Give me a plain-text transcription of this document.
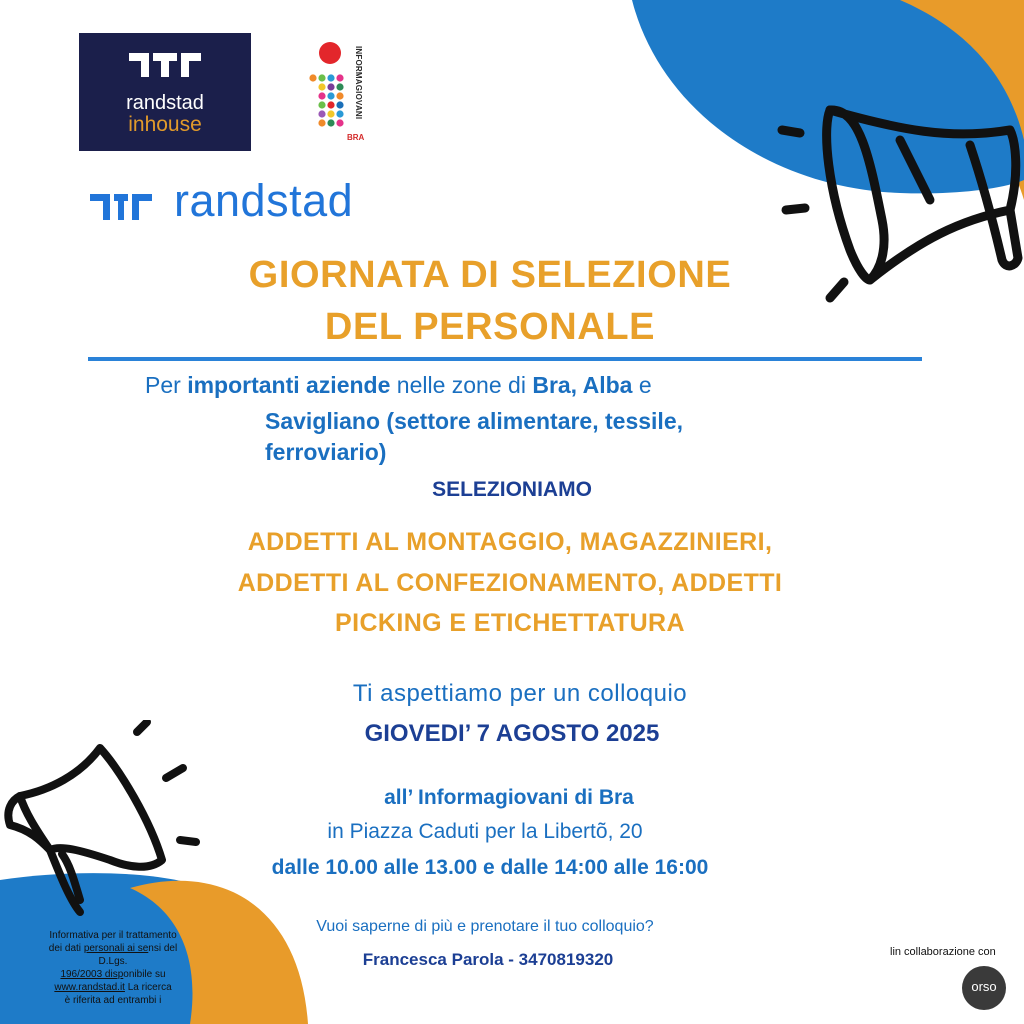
randstad
inhouse
INFORMAGIOVANI
BRA
randstad
GIORNATA DI SELEZIONE
DEL PERSONALE
Per importanti aziende nelle zone di Bra, Alba e
Savigliano (settore alimentare, tessile,
ferroviario)
SELEZIONIAMO
ADDETTI AL MONTAGGIO, MAGAZZINIERI,
ADDETTI AL CONFEZIONAMENTO, ADDETTI
PICKING E ETICHETTATURA
Ti aspettiamo per un colloquio
GIOVEDI’ 7 AGOSTO 2025
all’ Informagiovani di Bra
in Piazza Caduti per la Libertõ, 20
dalle 10.00 alle 13.00 e dalle 14:00 alle 16:00
Vuoi saperne di più e prenotare il tuo colloquio?
Francesca Parola - 3470819320
Informativa per il trattamento
dei dati personali ai sensi del
D.Lgs.
196/2003 disponibile su
www.randstad.it La ricerca
è riferita ad entrambi i
lin collaborazione con
orso
